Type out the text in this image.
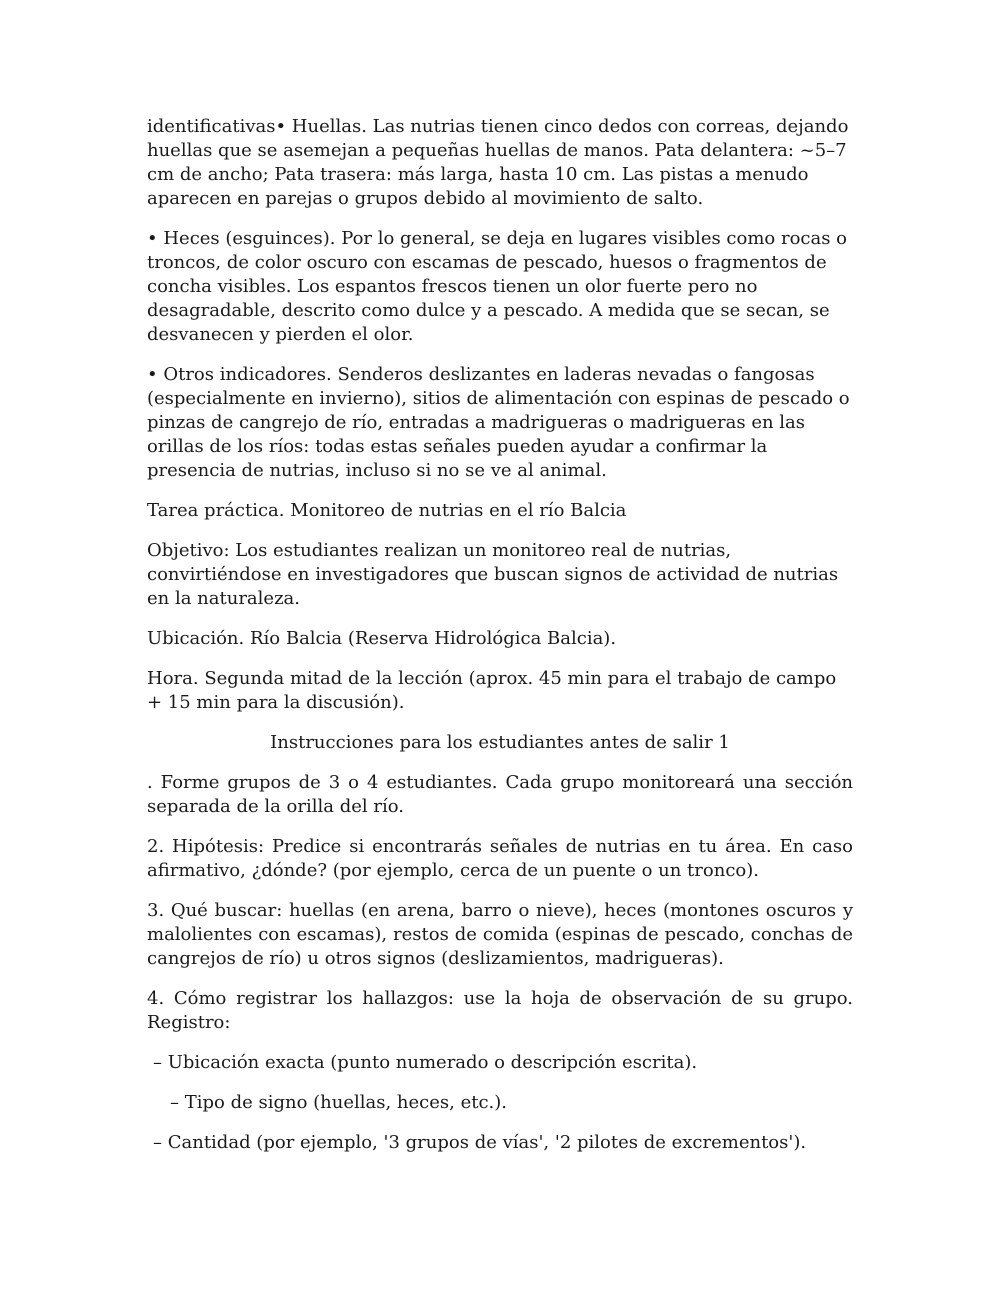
identificativas• Huellas. Las nutrias tienen cinco dedos con correas, dejando huellas que se asemejan a pequeñas huellas de manos. Pata delantera: ~5–7 cm de ancho; Pata trasera: más larga, hasta 10 cm. Las pistas a menudo aparecen en parejas o grupos debido al movimiento de salto.

• Heces (esguinces). Por lo general, se deja en lugares visibles como rocas o troncos, de color oscuro con escamas de pescado, huesos o fragmentos de concha visibles. Los espantos frescos tienen un olor fuerte pero no desagradable, descrito como dulce y a pescado. A medida que se secan, se desvanecen y pierden el olor.

• Otros indicadores. Senderos deslizantes en laderas nevadas o fangosas (especialmente en invierno), sitios de alimentación con espinas de pescado o pinzas de cangrejo de río, entradas a madrigueras o madrigueras en las orillas de los ríos: todas estas señales pueden ayudar a confirmar la presencia de nutrias, incluso si no se ve al animal.

Tarea práctica. Monitoreo de nutrias en el río Balcia

Objetivo: Los estudiantes realizan un monitoreo real de nutrias, convirtiéndose en investigadores que buscan signos de actividad de nutrias en la naturaleza.

Ubicación. Río Balcia (Reserva Hidrológica Balcia).

Hora. Segunda mitad de la lección (aprox. 45 min para el trabajo de campo + 15 min para la discusión).

Instrucciones para los estudiantes antes de salir 1

. Forme grupos de 3 o 4 estudiantes. Cada grupo monitoreará una sección separada de la orilla del río.

2. Hipótesis: Predice si encontrarás señales de nutrias en tu área. En caso afirmativo, ¿dónde? (por ejemplo, cerca de un puente o un tronco).

3. Qué buscar: huellas (en arena, barro o nieve), heces (montones oscuros y malolientes con escamas), restos de comida (espinas de pescado, conchas de cangrejos de río) u otros signos (deslizamientos, madrigueras).

4. Cómo registrar los hallazgos: use la hoja de observación de su grupo. Registro:

– Ubicación exacta (punto numerado o descripción escrita).

– Tipo de signo (huellas, heces, etc.).

– Cantidad (por ejemplo, '3 grupos de vías', '2 pilotes de excrementos').
